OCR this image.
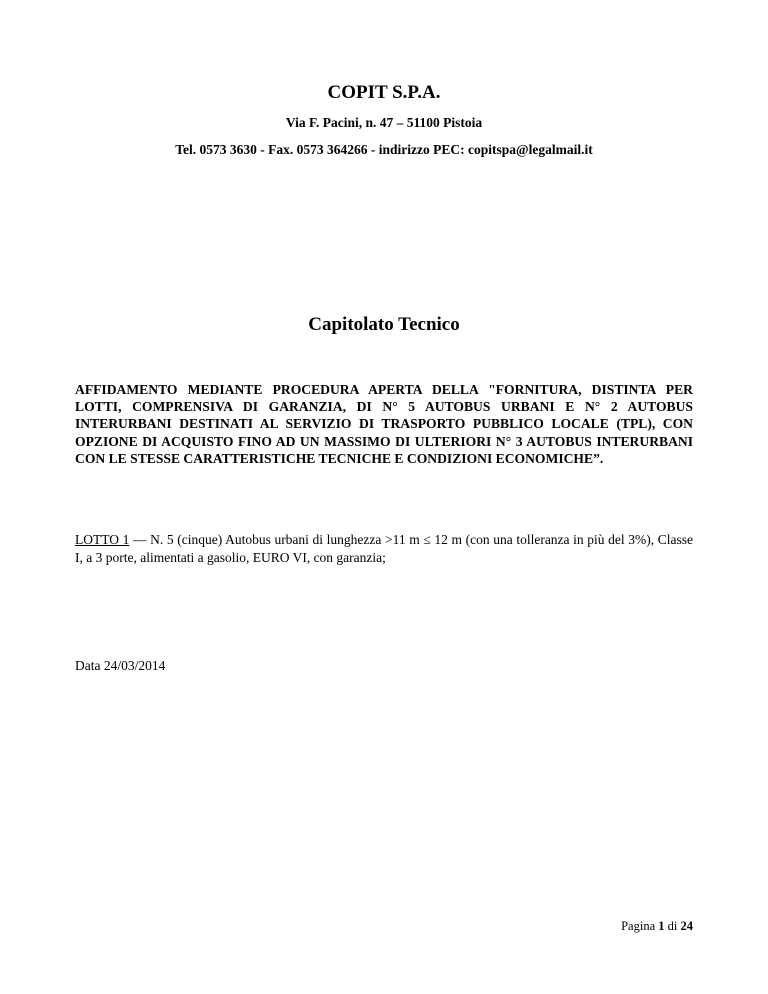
COPIT S.P.A.

Via F. Pacini, n. 47 – 51100 Pistoia

Tel. 0573 3630 - Fax. 0573 364266 - indirizzo PEC: copitspa@legalmail.it

Capitolato Tecnico

AFFIDAMENTO MEDIANTE PROCEDURA APERTA DELLA "FORNITURA, DISTINTA PER LOTTI, COMPRENSIVA DI GARANZIA, DI N° 5 AUTOBUS URBANI E N° 2 AUTOBUS INTERURBANI DESTINATI AL SERVIZIO DI TRASPORTO PUBBLICO LOCALE (TPL), CON OPZIONE DI ACQUISTO FINO AD UN MASSIMO DI ULTERIORI N° 3 AUTOBUS INTERURBANI CON LE STESSE CARATTERISTICHE TECNICHE E CONDIZIONI ECONOMICHE”.

LOTTO 1 — N. 5 (cinque) Autobus urbani di lunghezza >11 m ≤ 12 m (con una tolleranza in più del 3%), Classe I, a 3 porte, alimentati a gasolio, EURO VI, con garanzia;

Data 24/03/2014

Pagina 1 di 24
